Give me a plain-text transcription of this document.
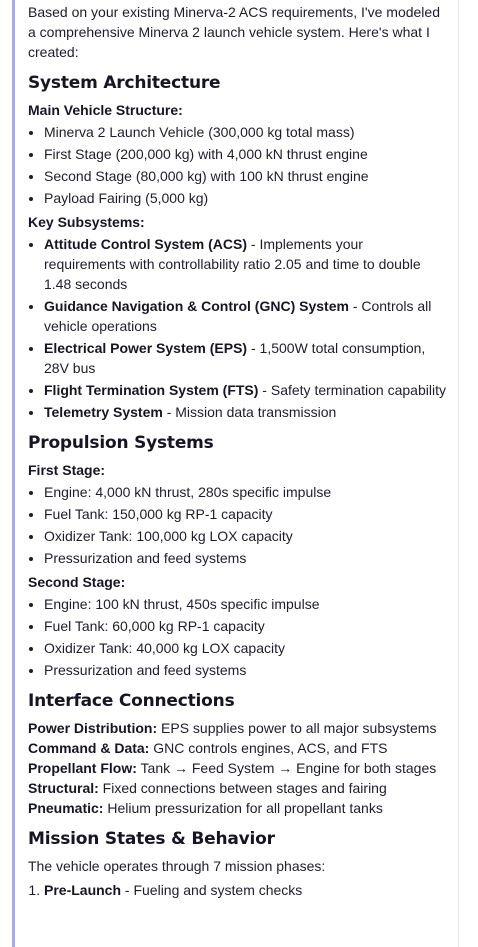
Based on your existing Minerva-2 ACS requirements, I've modeled a comprehensive Minerva 2 launch vehicle system. Here's what I created:

System Architecture
Main Vehicle Structure:
• Minerva 2 Launch Vehicle (300,000 kg total mass)
• First Stage (200,000 kg) with 4,000 kN thrust engine
• Second Stage (80,000 kg) with 100 kN thrust engine
• Payload Fairing (5,000 kg)
Key Subsystems:
• Attitude Control System (ACS) - Implements your requirements with controllability ratio 2.05 and time to double 1.48 seconds
• Guidance Navigation & Control (GNC) System - Controls all vehicle operations
• Electrical Power System (EPS) - 1,500W total consumption, 28V bus
• Flight Termination System (FTS) - Safety termination capability
• Telemetry System - Mission data transmission
Propulsion Systems
First Stage:
• Engine: 4,000 kN thrust, 280s specific impulse
• Fuel Tank: 150,000 kg RP-1 capacity
• Oxidizer Tank: 100,000 kg LOX capacity
• Pressurization and feed systems
Second Stage:
• Engine: 100 kN thrust, 450s specific impulse
• Fuel Tank: 60,000 kg RP-1 capacity
• Oxidizer Tank: 40,000 kg LOX capacity
• Pressurization and feed systems
Interface Connections

Power Distribution: EPS supplies power to all major subsystems Command & Data: GNC controls engines, ACS, and FTS Propellant Flow: Tank → Feed System → Engine for both stages Structural: Fixed connections between stages and fairing Pneumatic: Helium pressurization for all propellant tanks

Mission States & Behavior

The vehicle operates through 7 mission phases:

1. Pre-Launch - Fueling and system checks
